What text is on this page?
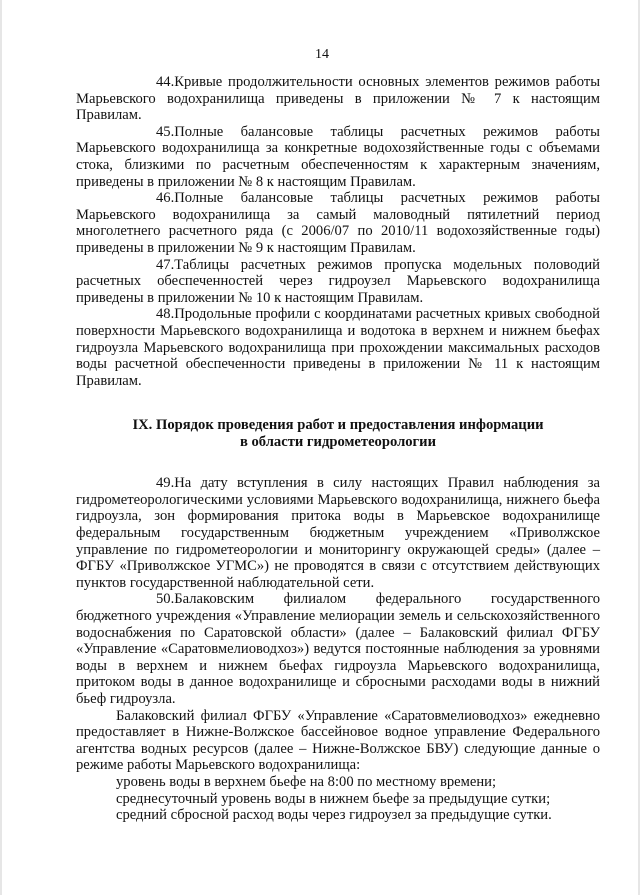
14

44.Кривые продолжительности основных элементов режимов работы Марьевского водохранилища приведены в приложении № 7 к настоящим Правилам.

45.Полные балансовые таблицы расчетных режимов работы Марьевского водохранилища за конкретные водохозяйственные годы с объемами стока, близкими по расчетным обеспеченностям к характерным значениям, приведены в приложении № 8 к настоящим Правилам.

46.Полные балансовые таблицы расчетных режимов работы Марьевского водохранилища за самый маловодный пятилетний период многолетнего расчетного ряда (с 2006/07 по 2010/11 водохозяйственные годы) приведены в приложении № 9 к настоящим Правилам.

47.Таблицы расчетных режимов пропуска модельных половодий расчетных обеспеченностей через гидроузел Марьевского водохранилища приведены в приложении № 10 к настоящим Правилам.

48.Продольные профили с координатами расчетных кривых свободной поверхности Марьевского водохранилища и водотока в верхнем и нижнем бьефах гидроузла Марьевского водохранилища при прохождении максимальных расходов воды расчетной обеспеченности приведены в приложении № 11 к настоящим Правилам.

IX. Порядок проведения работ и предоставления информации
в области гидрометеорологии

49.На дату вступления в силу настоящих Правил наблюдения за гидрометеорологическими условиями Марьевского водохранилища, нижнего бьефа гидроузла, зон формирования притока воды в Марьевское водохранилище федеральным государственным бюджетным учреждением «Приволжское управление по гидрометеорологии и мониторингу окружающей среды» (далее – ФГБУ «Приволжское УГМС») не проводятся в связи с отсутствием действующих пунктов государственной наблюдательной сети.

50.Балаковским филиалом федерального государственного бюджетного учреждения «Управление мелиорации земель и сельскохозяйственного водоснабжения по Саратовской области» (далее – Балаковский филиал ФГБУ «Управление «Саратовмелиоводхоз») ведутся постоянные наблюдения за уровнями воды в верхнем и нижнем бьефах гидроузла Марьевского водохранилища, притоком воды в данное водохранилище и сбросными расходами воды в нижний бьеф гидроузла.

Балаковский филиал ФГБУ «Управление «Саратовмелиоводхоз» ежедневно предоставляет в Нижне-Волжское бассейновое водное управление Федерального агентства водных ресурсов (далее – Нижне-Волжское БВУ) следующие данные о режиме работы Марьевского водохранилища:

уровень воды в верхнем бьефе на 8:00 по местному времени;

среднесуточный уровень воды в нижнем бьефе за предыдущие сутки;

средний сбросной расход воды через гидроузел за предыдущие сутки.
